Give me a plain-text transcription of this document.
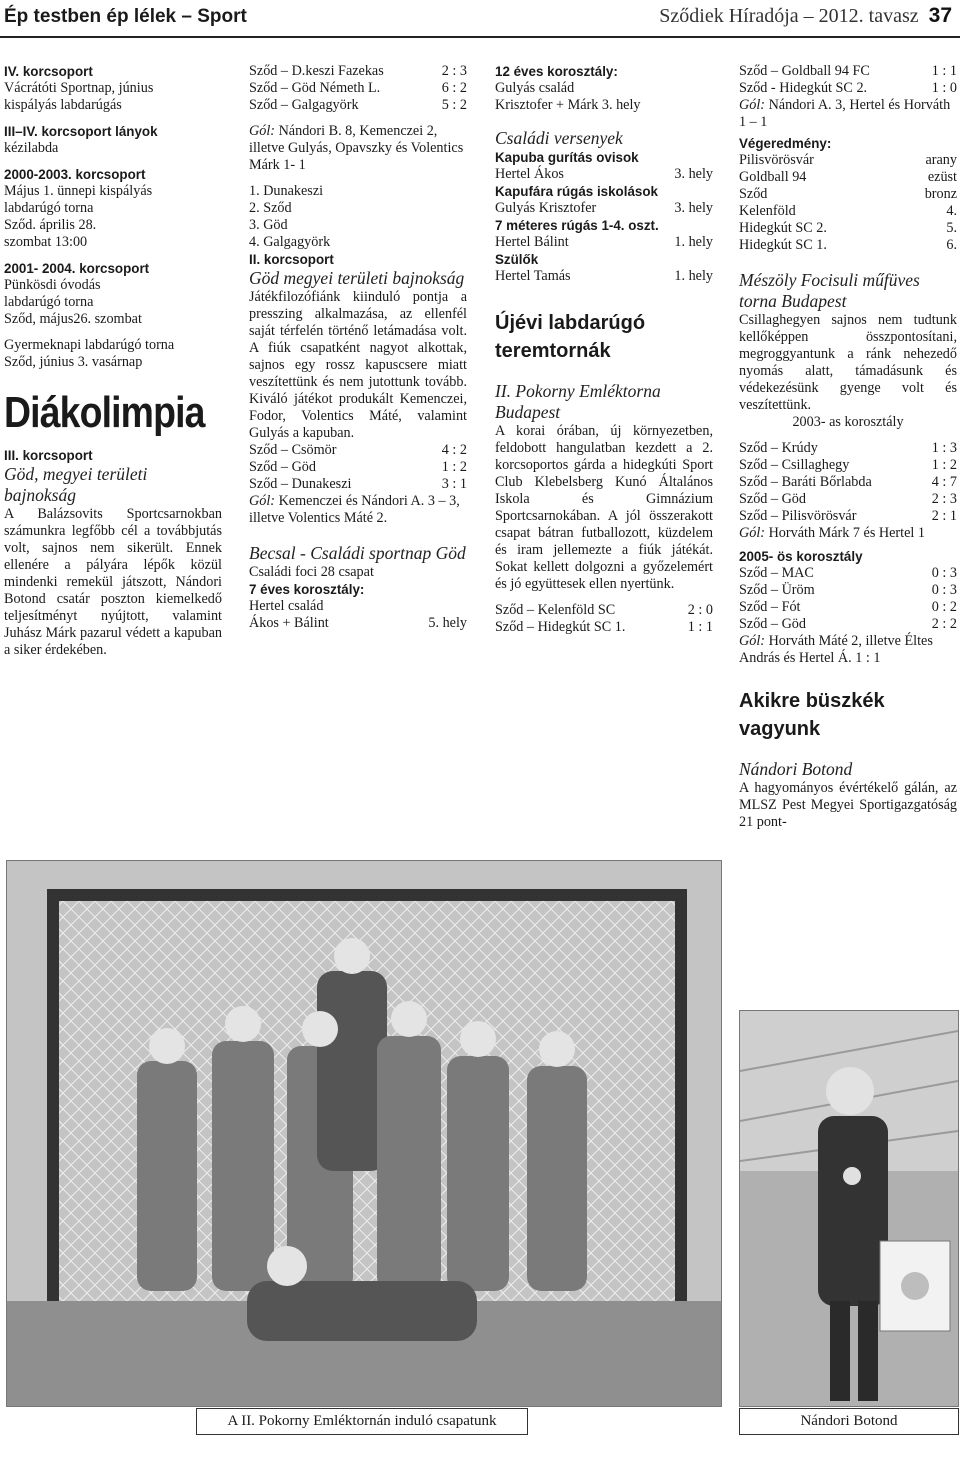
Ép testben ép lélek – Sport	Sződiek Híradója – 2012. tavasz 37

IV. korcsoport

Vácrátóti Sportnap, június

kispályás labdarúgás

III–IV. korcsoport lányok

kézilabda

2000-2003. korcsoport

Május 1. ünnepi kispályás

labdarúgó torna

Sződ. április 28.

szombat 13:00

2001- 2004. korcsoport

Pünkösdi óvodás

labdarúgó torna

Sződ, május26. szombat

Gyermeknapi labdarúgó torna

Sződ, június 3. vasárnap

Diákolimpia

III. korcsoport

Göd, megyei területi bajnokság

A Balázsovits Sportcsarnokban számunkra legfőbb cél a továbbjutás volt, sajnos nem sikerült. Ennek ellenére a pályára lépők közül mindenki remekül játszott, Nándori Botond csatár poszton kiemelkedő teljesítményt nyújtott, valamint Juhász Márk pazarul védett a kapuban a siker érdekében.

Sződ – D.keszi Fazekas	2 : 3
Sződ – Göd Németh L.	6 : 2
Sződ – Galgagyörk	5 : 2

Gól: Nándori B. 8, Kemenczei 2, illetve Gulyás, Opavszky és Volentics Márk 1- 1

1. Dunakeszi

2. Sződ

3. Göd

4. Galgagyörk

II. korcsoport

Göd megyei területi bajnokság

Játékfilozófiánk kiinduló pontja a presszing alkalmazása, az ellenfél saját térfelén történő letámadása volt. A fiúk csapatként nagyot alkottak, sajnos egy rossz kapuscsere miatt veszítettünk és nem jutottunk tovább. Kiváló játékot produkált Kemenczei, Fodor, Volentics Máté, valamint Gulyás a kapuban.

Sződ – Csömör	4 : 2
Sződ – Göd	1 : 2
Sződ – Dunakeszi	3 : 1

Gól: Kemenczei és Nándori A. 3 – 3, illetve Volentics Máté 2.

Becsal - Családi sportnap Göd

Családi foci 28 csapat

7 éves korosztály:

Hertel család

Ákos + Bálint	5. hely

12 éves korosztály:

Gulyás család

Krisztofer + Márk 3. hely

Családi versenyek

Kapuba gurítás ovisok

Hertel Ákos	3. hely

Kapufára rúgás iskolások

Gulyás Krisztofer	3. hely

7 méteres rúgás 1-4. oszt.

Hertel Bálint	1. hely

Szülők

Hertel Tamás	1. hely
Újévi labdarúgó teremtornák

II. Pokorny Emléktorna Budapest

A korai órában, új környezetben, feldobott hangulatban kezdett a 2. korcsoportos gárda a hidegkúti Sport Club Klebelsberg Kunó Általános Iskola és Gimnázium Sportcsarnokában. A jól összerakott csapat bátran futballozott, küzdelem és iram jellemezte a fiúk játékát. Sokat kellett dolgozni a győzelemért és jó együttesek ellen nyertünk.

Sződ – Kelenföld SC	2 : 0
Sződ – Hidegkút SC 1.	1 : 1
Sződ – Goldball 94 FC	1 : 1
Sződ - Hidegkút SC 2.	1 : 0

Gól: Nándori A. 3, Hertel és Horváth 1 – 1

Végeredmény:

Pilisvörösvár	arany
Goldball 94	ezüst
Sződ	bronz
Kelenföld	4.
Hidegkút SC 2.	5.
Hidegkút SC 1.	6.

Mészöly Focisuli műfüves torna Budapest

Csillaghegyen sajnos nem tudtunk kellőképpen összpontosítani, megroggyantunk a ránk nehezedő nyomás alatt, támadásunk és védekezésünk gyenge volt és veszítettünk.

2003- as korosztály

Sződ – Krúdy	1 : 3
Sződ – Csillaghegy	1 : 2
Sződ – Baráti Bőrlabda	4 : 7
Sződ – Göd	2 : 3
Sződ – Pilisvörösvár	2 : 1

Gól: Horváth Márk 7 és Hertel 1

2005- ös korosztály

Sződ – MAC	0 : 3
Sződ – Üröm	0 : 3
Sződ – Fót	0 : 2
Sződ – Göd	2 : 2

Gól: Horváth Máté 2, illetve Éltes András és Hertel Á. 1 : 1

Akikre büszkék vagyunk

Nándori Botond

A hagyományos évértékelő gálán, az MLSZ Pest Megyei Sportigazgatóság 21 pont-

A II. Pokorny Emléktornán induló csapatunk	Nándori Botond
